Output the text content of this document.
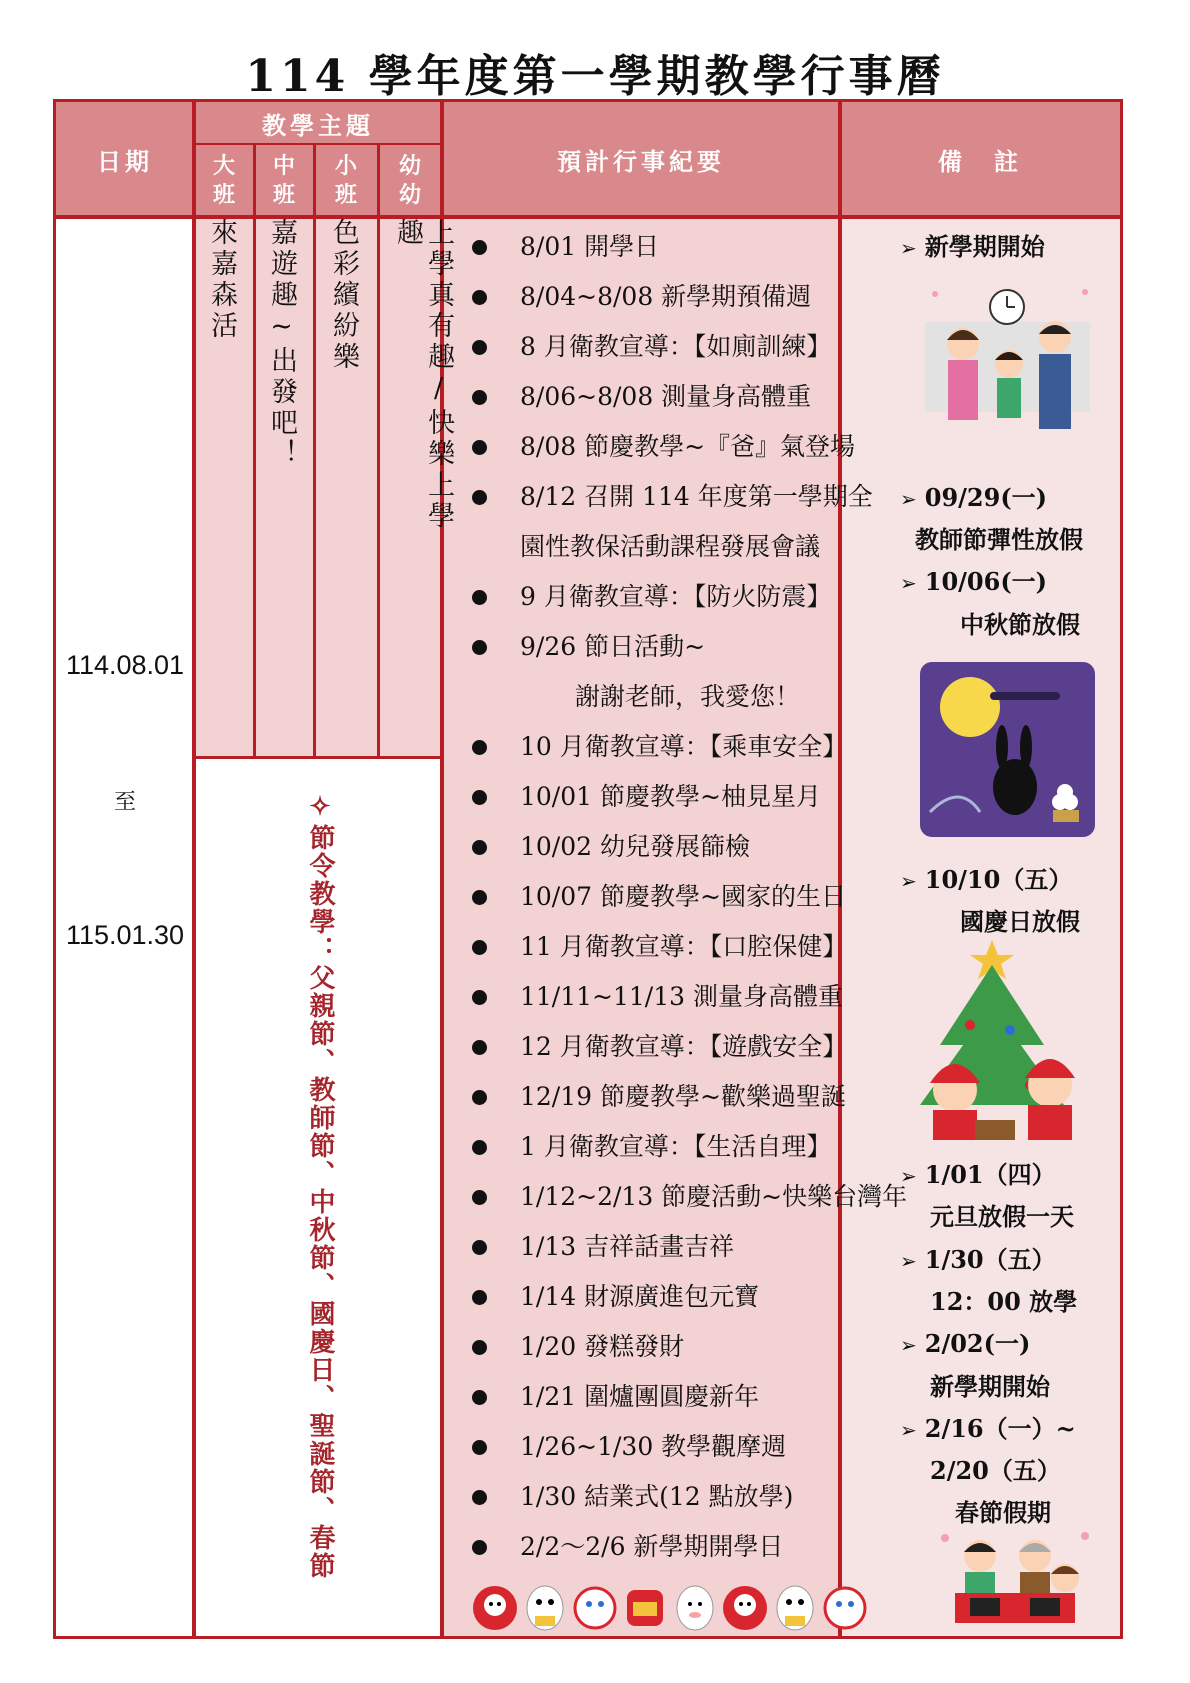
114 學年度第一學期教學行事曆
日期
教學主題
大
班
中
班
小
班
幼
幼
預計行事紀要	備　註
114.08.01
至
115.01.30
來嘉森活 嘉遊趣~出發吧！ 色彩繽紛樂	上學真有趣/快樂上學趣
✧節令教學：父親節、教師節、中秋節、國慶日、聖誕節、春節
8/01 開學日
8/04~8/08 新學期預備週
8 月衛教宣導：【如廁訓練】
8/06~8/08 測量身高體重
8/08 節慶教學~『爸』氣登場
8/12 召開 114 年度第一學期全
園性教保活動課程發展會議
9 月衛教宣導：【防火防震】
9/26 節日活動~
謝謝老師，我愛您！
10 月衛教宣導：【乘車安全】
10/01 節慶教學~柚見星月
10/02 幼兒發展篩檢
10/07 節慶教學~國家的生日
11 月衛教宣導：【口腔保健】
11/11~11/13 測量身高體重
12 月衛教宣導：【遊戲安全】
12/19 節慶教學~歡樂過聖誕
1 月衛教宣導：【生活自理】
1/12~2/13 節慶活動~快樂台灣年
1/13 吉祥話畫吉祥
1/14 財源廣進包元寶
1/20 發糕發財
1/21 圍爐團圓慶新年
1/26~1/30 教學觀摩週
1/30 結業式(12 點放學)
2/2～2/6 新學期開學日
➢ 新學期開始
➢ 09/29(一)
教師節彈性放假
➢ 10/06(一)
中秋節放假
➢ 10/10（五）
國慶日放假
➢ 1/01（四）
元旦放假一天
➢ 1/30（五）
12：00 放學
➢ 2/02(一)
新學期開始
➢ 2/16（一）~
2/20（五）
春節假期
